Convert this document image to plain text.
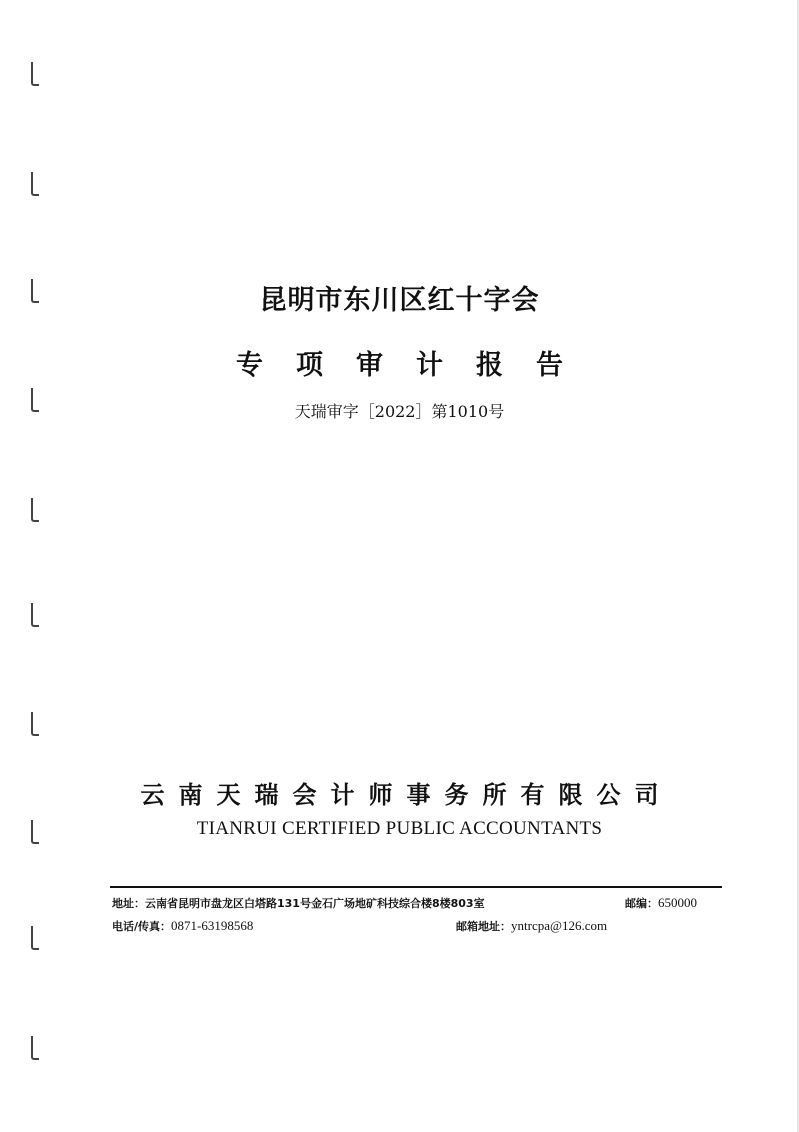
昆明市东川区红十字会
专项审计报告
天瑞审字［2022］第1010号
云南天瑞会计师事务所有限公司
TIANRUI CERTIFIED PUBLIC ACCOUNTANTS
地址：云南省昆明市盘龙区白塔路131号金石广场地矿科技综合楼8楼803室	邮编：650000
电话/传真：0871-63198568	邮箱地址：yntrcpa@126.com
